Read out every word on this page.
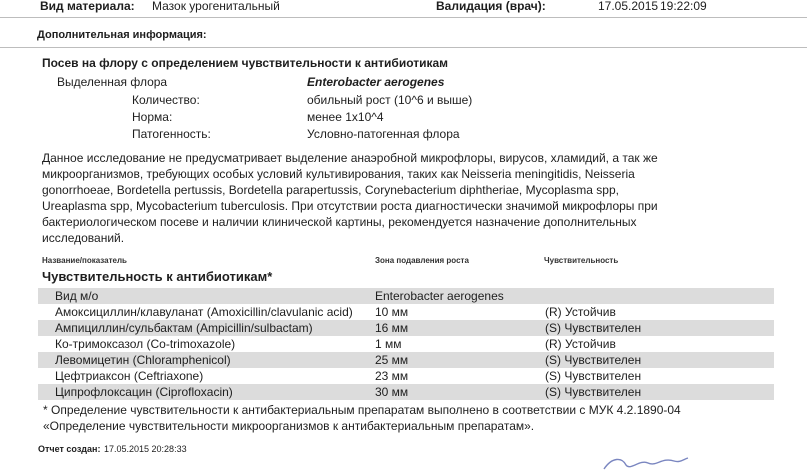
Вид материала: Мазок урогенитальный	Валидация (врач):	17.05.2015 19:22:09
Дополнительная информация:
Посев на флору с определением чувствительности к антибиотикам
Выделенная флора	Enterobacter aerogenes
Количество:	обильный рост (10^6 и выше)
Норма:	менее 1x10^4
Патогенность:	Условно-патогенная флора
Данное исследование не предусматривает выделение анаэробной микрофлоры, вирусов, хламидий, а так же микроорганизмов, требующих особых условий культивирования, таких как Neisseria meningitidis, Neisseria gonorrhoeae, Bordetella pertussis, Bordetella parapertussis, Corynebacterium diphtheriae, Mycoplasma spp, Ureaplasma spp, Mycobacterium tuberculosis. При отсутствии роста диагностически значимой микрофлоры при бактериологическом посеве и наличии клинической картины, рекомендуется назначение дополнительных исследований.
Название/показатель	Зона подавления роста	Чувствительность
Чувствительность к антибиотикам*
Вид м/о	Enterobacter aerogenes
Амоксициллин/клавуланат (Amoxicillin/clavulanic acid) 10 мм	(R) Устойчив
Ампициллин/сульбактам (Ampicillin/sulbactam)	16 мм	(S) Чувствителен
Ко-тримоксазол (Co-trimoxazole)	1 мм	(R) Устойчив
Левомицетин (Chloramphenicol)	25 мм	(S) Чувствителен
Цефтриаксон (Ceftriaxone)	23 мм	(S) Чувствителен
Ципрофлоксацин (Ciprofloxacin)	30 мм	(S) Чувствителен
* Определение чувствительности к антибактериальным препаратам выполнено в соответствии с МУК 4.2.1890-04 «Определение чувствительности микроорганизмов к антибактериальным препаратам».
Отчет создан: 17.05.2015 20:28:33
